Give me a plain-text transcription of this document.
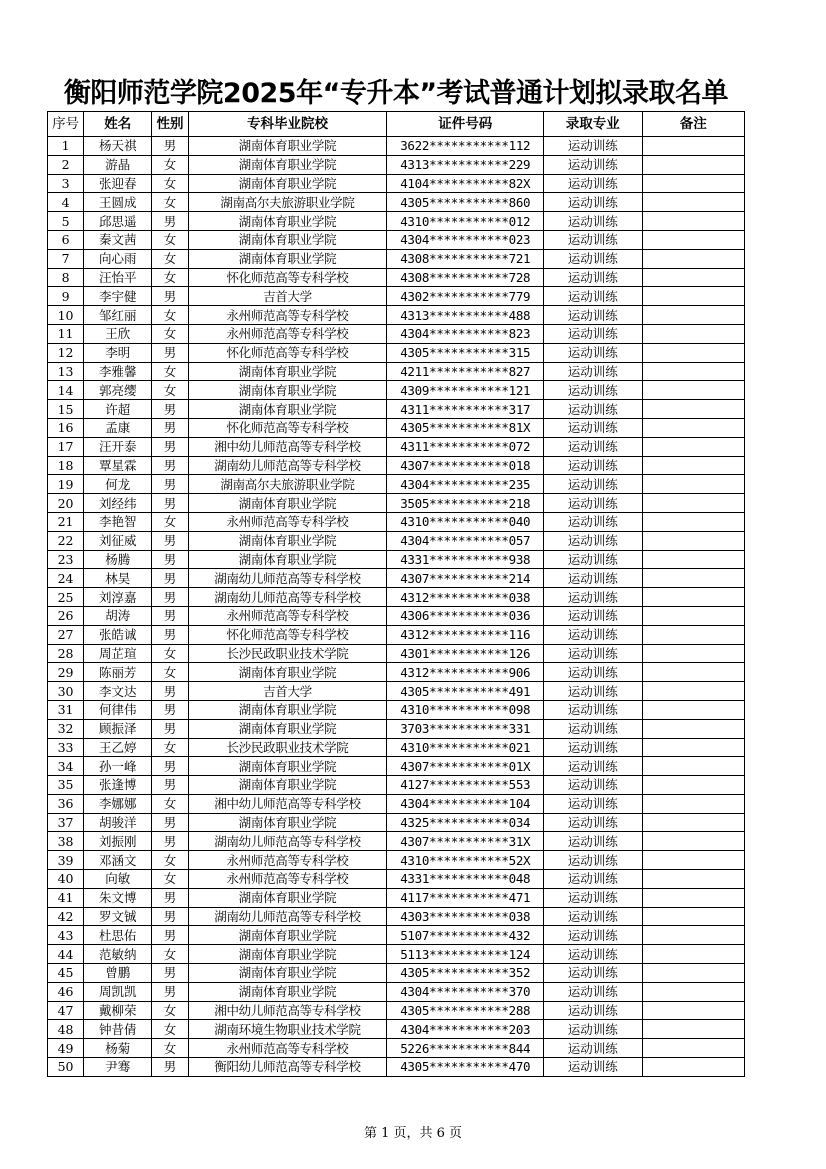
衡阳师范学院2025年“专升本”考试普通计划拟录取名单
序号	姓名	性别	专科毕业院校	证件号码	录取专业	备注
1	杨天祺	男	湖南体育职业学院	3622***********112	运动训练	
2	游晶	女	湖南体育职业学院	4313***********229	运动训练	
3	张迎春	女	湖南体育职业学院	4104***********82X	运动训练	
4	王圆成	女	湖南高尔夫旅游职业学院	4305***********860	运动训练	
5	邱思遥	男	湖南体育职业学院	4310***********012	运动训练	
6	秦文茜	女	湖南体育职业学院	4304***********023	运动训练	
7	向心雨	女	湖南体育职业学院	4308***********721	运动训练	
8	汪怡平	女	怀化师范高等专科学校	4308***********728	运动训练	
9	李宇健	男	吉首大学	4302***********779	运动训练	
10	邹红丽	女	永州师范高等专科学校	4313***********488	运动训练	
11	王欣	女	永州师范高等专科学校	4304***********823	运动训练	
12	李明	男	怀化师范高等专科学校	4305***********315	运动训练	
13	李雅馨	女	湖南体育职业学院	4211***********827	运动训练	
14	郭亮缨	女	湖南体育职业学院	4309***********121	运动训练	
15	许超	男	湖南体育职业学院	4311***********317	运动训练	
16	孟康	男	怀化师范高等专科学校	4305***********81X	运动训练	
17	汪开泰	男	湘中幼儿师范高等专科学校	4311***********072	运动训练	
18	覃星霖	男	湖南幼儿师范高等专科学校	4307***********018	运动训练	
19	何龙	男	湖南高尔夫旅游职业学院	4304***********235	运动训练	
20	刘经纬	男	湖南体育职业学院	3505***********218	运动训练	
21	李艳智	女	永州师范高等专科学校	4310***********040	运动训练	
22	刘征威	男	湖南体育职业学院	4304***********057	运动训练	
23	杨腾	男	湖南体育职业学院	4331***********938	运动训练	
24	林昊	男	湖南幼儿师范高等专科学校	4307***********214	运动训练	
25	刘淳嘉	男	湖南幼儿师范高等专科学校	4312***********038	运动训练	
26	胡涛	男	永州师范高等专科学校	4306***********036	运动训练	
27	张皓诚	男	怀化师范高等专科学校	4312***********116	运动训练	
28	周芷瑄	女	长沙民政职业技术学院	4301***********126	运动训练	
29	陈丽芳	女	湖南体育职业学院	4312***********906	运动训练	
30	李文达	男	吉首大学	4305***********491	运动训练	
31	何律伟	男	湖南体育职业学院	4310***********098	运动训练	
32	顾振泽	男	湖南体育职业学院	3703***********331	运动训练	
33	王乙婷	女	长沙民政职业技术学院	4310***********021	运动训练	
34	孙一峰	男	湖南体育职业学院	4307***********01X	运动训练	
35	张逢博	男	湖南体育职业学院	4127***********553	运动训练	
36	李娜娜	女	湘中幼儿师范高等专科学校	4304***********104	运动训练	
37	胡骏洋	男	湖南体育职业学院	4325***********034	运动训练	
38	刘振刚	男	湖南幼儿师范高等专科学校	4307***********31X	运动训练	
39	邓涵文	女	永州师范高等专科学校	4310***********52X	运动训练	
40	向敏	女	永州师范高等专科学校	4331***********048	运动训练	
41	朱文博	男	湖南体育职业学院	4117***********471	运动训练	
42	罗文铖	男	湖南幼儿师范高等专科学校	4303***********038	运动训练	
43	杜思佑	男	湖南体育职业学院	5107***********432	运动训练	
44	范敏纳	女	湖南体育职业学院	5113***********124	运动训练	
45	曾鹏	男	湖南体育职业学院	4305***********352	运动训练	
46	周凯凯	男	湖南体育职业学院	4304***********370	运动训练	
47	戴柳荣	女	湘中幼儿师范高等专科学校	4305***********288	运动训练	
48	钟昔倩	女	湖南环境生物职业技术学院	4304***********203	运动训练	
49	杨菊	女	永州师范高等专科学校	5226***********844	运动训练	
50	尹骞	男	衡阳幼儿师范高等专科学校	4305***********470	运动训练	
第 1 页，共 6 页
